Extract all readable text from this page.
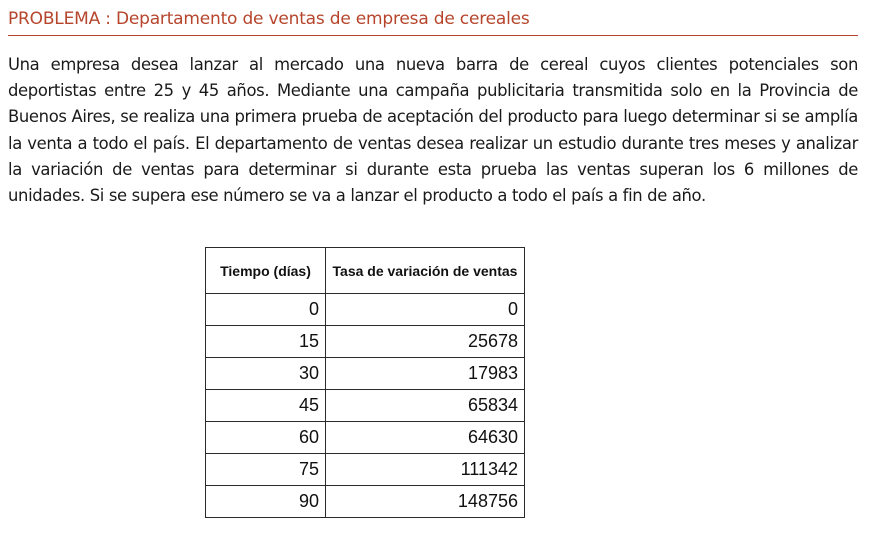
PROBLEMA : Departamento de ventas de empresa de cereales

Una empresa desea lanzar al mercado una nueva barra de cereal cuyos clientes potenciales son deportistas entre 25 y 45 años. Mediante una campaña publicitaria transmitida solo en la Provincia de Buenos Aires, se realiza una primera prueba de aceptación del producto para luego determinar si se amplía la venta a todo el país. El departamento de ventas desea realizar un estudio durante tres meses y analizar la variación de ventas para determinar si durante esta prueba las ventas superan los 6 millones de unidades. Si se supera ese número se va a lanzar el producto a todo el país a fin de año.

Tiempo (días)	Tasa de variación de ventas
0	0
15	25678
30	17983
45	65834
60	64630
75	111342
90	148756
